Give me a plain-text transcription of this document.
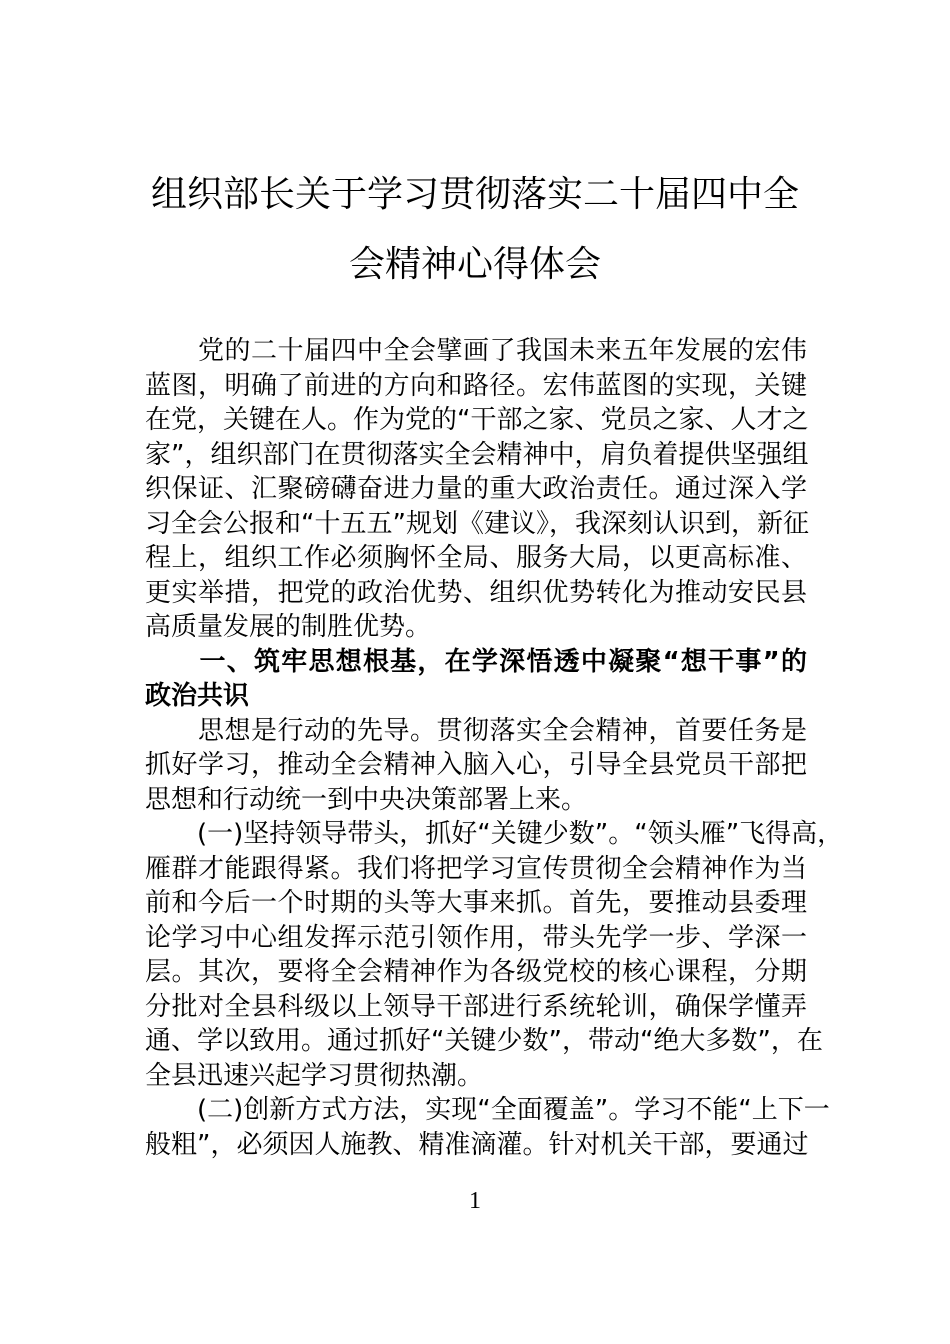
组织部长关于学习贯彻落实二十届四中全
会精神心得体会
　　党的二十届四中全会擘画了我国未来五年发展的宏伟
蓝图，明确了前进的方向和路径。宏伟蓝图的实现，关键
在党，关键在人。作为党的“干部之家、党员之家、人才之
家”，组织部门在贯彻落实全会精神中，肩负着提供坚强组
织保证、汇聚磅礴奋进力量的重大政治责任。通过深入学
习全会公报和“十五五”规划《建议》，我深刻认识到，新征
程上，组织工作必须胸怀全局、服务大局，以更高标准、
更实举措，把党的政治优势、组织优势转化为推动安民县
高质量发展的制胜优势。
　　一、筑牢思想根基，在学深悟透中凝聚“想干事”的
政治共识
　　思想是行动的先导。贯彻落实全会精神，首要任务是
抓好学习，推动全会精神入脑入心，引导全县党员干部把
思想和行动统一到中央决策部署上来。
　　(一)坚持领导带头，抓好“关键少数”。“领头雁”飞得高，
雁群才能跟得紧。我们将把学习宣传贯彻全会精神作为当
前和今后一个时期的头等大事来抓。首先，要推动县委理
论学习中心组发挥示范引领作用，带头先学一步、学深一
层。其次，要将全会精神作为各级党校的核心课程，分期
分批对全县科级以上领导干部进行系统轮训，确保学懂弄
通、学以致用。通过抓好“关键少数”，带动“绝大多数”，在
全县迅速兴起学习贯彻热潮。
　　(二)创新方式方法，实现“全面覆盖”。学习不能“上下一
般粗”，必须因人施教、精准滴灌。针对机关干部，要通过
1
